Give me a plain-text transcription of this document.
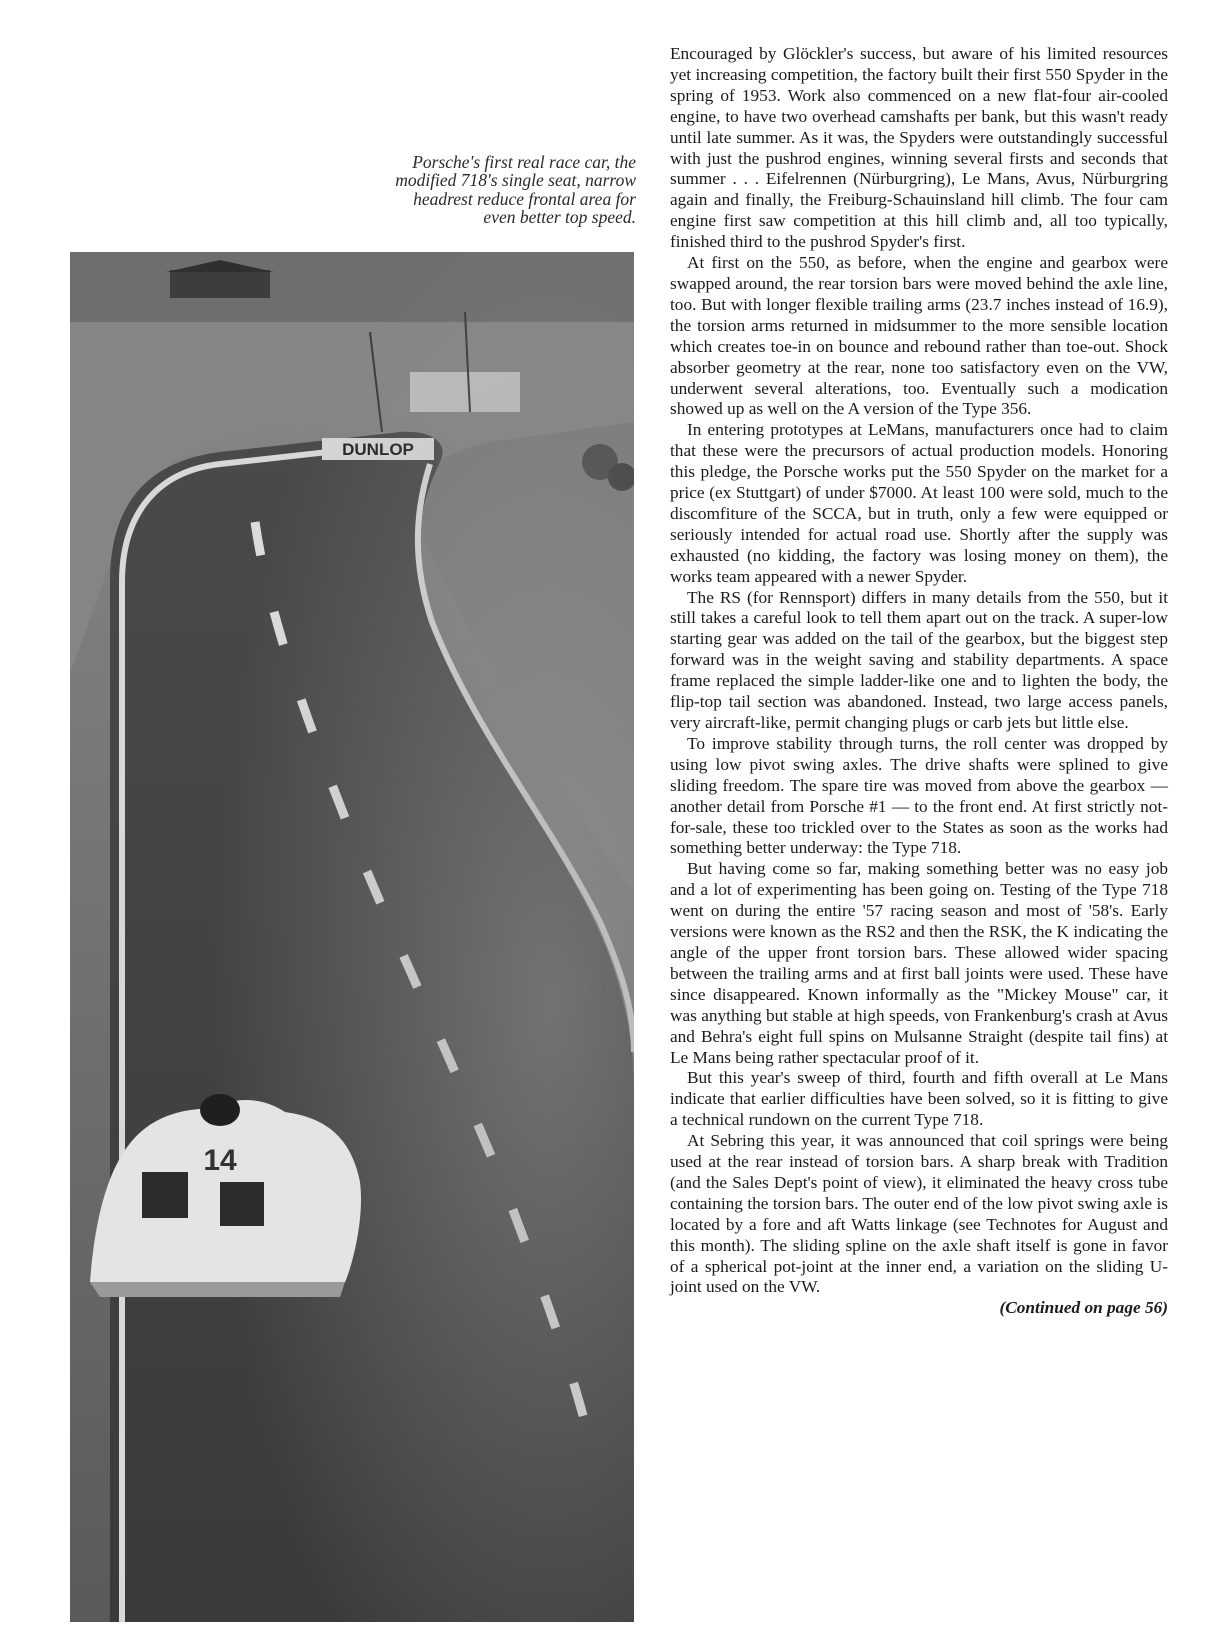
Porsche's first real race car, the
modified 718's single seat, narrow
headrest reduce frontal area for
even better top speed.
14

Encouraged by Glöckler's success, but aware of his limited resources yet increasing competition, the factory built their first 550 Spyder in the spring of 1953. Work also commenced on a new flat-four air-cooled engine, to have two overhead camshafts per bank, but this wasn't ready until late summer. As it was, the Spyders were outstandingly successful with just the pushrod engines, winning several firsts and seconds that summer . . . Eifelrennen (Nürburgring), Le Mans, Avus, Nürburgring again and finally, the Freiburg-Schauinsland hill climb. The four cam engine first saw competition at this hill climb and, all too typically, finished third to the pushrod Spyder's first.

At first on the 550, as before, when the engine and gearbox were swapped around, the rear torsion bars were moved behind the axle line, too. But with longer flexible trailing arms (23.7 inches instead of 16.9), the torsion arms returned in midsummer to the more sensible location which creates toe-in on bounce and rebound rather than toe-out. Shock absorber geometry at the rear, none too satisfactory even on the VW, underwent several alterations, too. Eventually such a modication showed up as well on the A version of the Type 356.

In entering prototypes at LeMans, manufacturers once had to claim that these were the precursors of actual production models. Honoring this pledge, the Porsche works put the 550 Spyder on the market for a price (ex Stuttgart) of under $7000. At least 100 were sold, much to the discomfiture of the SCCA, but in truth, only a few were equipped or seriously intended for actual road use. Shortly after the supply was exhausted (no kidding, the factory was losing money on them), the works team appeared with a newer Spyder.

The RS (for Rennsport) differs in many details from the 550, but it still takes a careful look to tell them apart out on the track. A super-low starting gear was added on the tail of the gearbox, but the biggest step forward was in the weight saving and stability departments. A space frame replaced the simple ladder-like one and to lighten the body, the flip-top tail section was abandoned. Instead, two large access panels, very aircraft-like, permit changing plugs or carb jets but little else.

To improve stability through turns, the roll center was dropped by using low pivot swing axles. The drive shafts were splined to give sliding freedom. The spare tire was moved from above the gearbox — another detail from Porsche #1 — to the front end. At first strictly not-for-sale, these too trickled over to the States as soon as the works had something better underway: the Type 718.

But having come so far, making something better was no easy job and a lot of experimenting has been going on. Testing of the Type 718 went on during the entire '57 racing season and most of '58's. Early versions were known as the RS2 and then the RSK, the K indicating the angle of the upper front torsion bars. These allowed wider spacing between the trailing arms and at first ball joints were used. These have since disappeared. Known informally as the "Mickey Mouse" car, it was anything but stable at high speeds, von Frankenburg's crash at Avus and Behra's eight full spins on Mulsanne Straight (despite tail fins) at Le Mans being rather spectacular proof of it.

But this year's sweep of third, fourth and fifth overall at Le Mans indicate that earlier difficulties have been solved, so it is fitting to give a technical rundown on the current Type 718.

At Sebring this year, it was announced that coil springs were being used at the rear instead of torsion bars. A sharp break with Tradition (and the Sales Dept's point of view), it eliminated the heavy cross tube containing the torsion bars. The outer end of the low pivot swing axle is located by a fore and aft Watts linkage (see Technotes for August and this month). The sliding spline on the axle shaft itself is gone in favor of a spherical pot-joint at the inner end, a variation on the sliding U-joint used on the VW.

(Continued on page 56)
